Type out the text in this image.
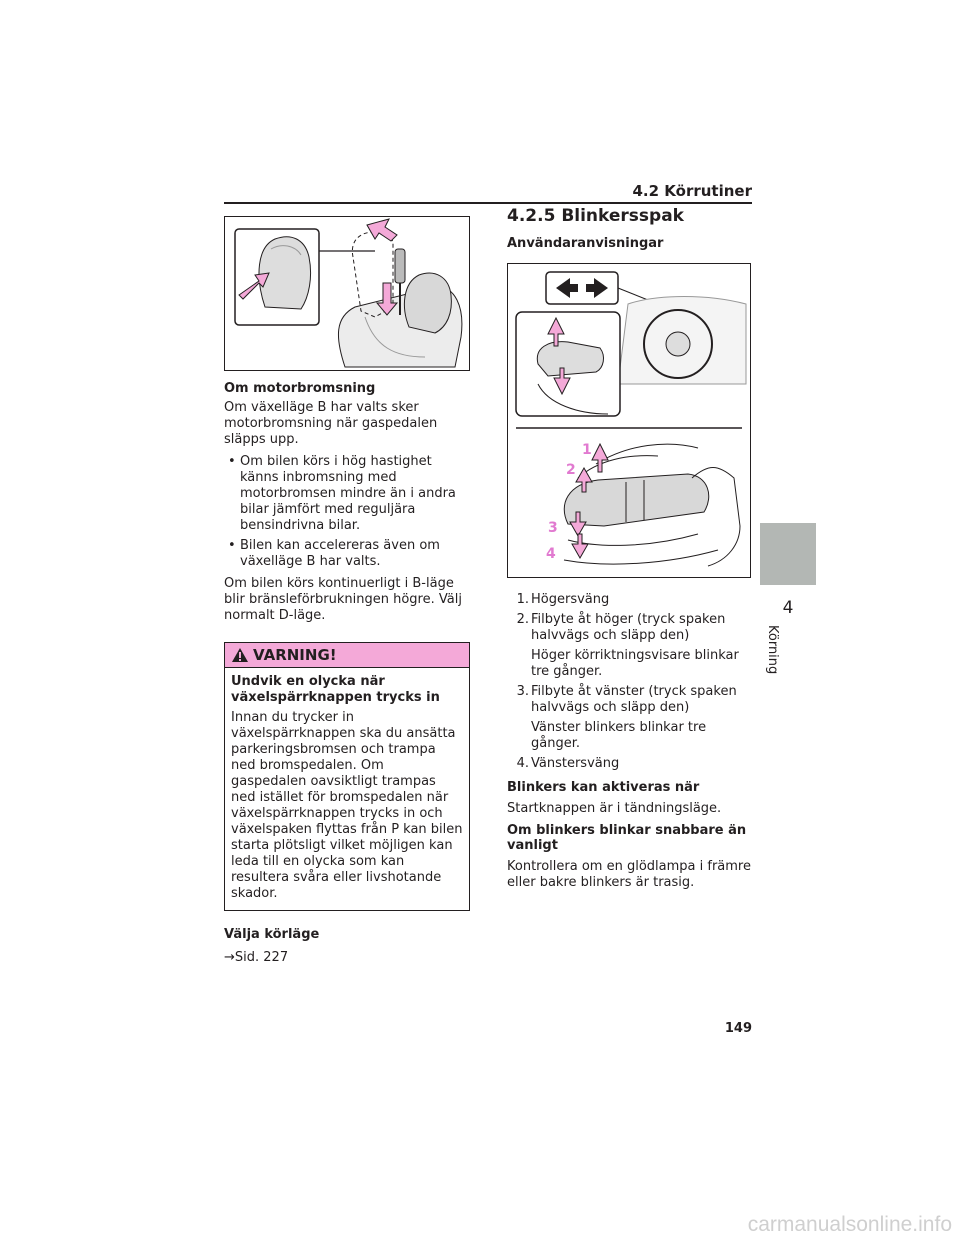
4.2 Körrutiner
4
Körning
Om motorbromsning

Om växelläge B har valts sker motorbromsning när gaspedalen släpps upp.

• Om bilen körs i hög hastighet känns inbromsning med motorbromsen mindre än i andra bilar jämfört med reguljära bensindrivna bilar.
• Bilen kan accelereras även om växelläge B har valts.

Om bilen körs kontinuerligt i B-läge blir bränsleförbrukningen högre. Välj normalt D-läge.

VARNING!

Undvik en olycka när växelspärrknappen trycks in

Innan du trycker in växelspärrknappen ska du ansätta parkeringsbromsen och trampa ned bromspedalen. Om gaspedalen oavsiktligt trampas ned istället för bromspedalen när växelspärrknappen trycks in och växelspaken flyttas från P kan bilen starta plötsligt vilket möjligen kan leda till en olycka som kan resultera svåra eller livshotande skador.

Välja körläge

→Sid. 227

4.2.5 Blinkersspak
Användaranvisningar
1
2
3
4
1. Högersväng
2. Filbyte åt höger (tryck spaken halvvägs och släpp den)
Höger körriktningsvisare blinkar tre gånger.
3. Filbyte åt vänster (tryck spaken halvvägs och släpp den)
Vänster blinkers blinkar tre gånger.
4. Vänstersväng
Blinkers kan aktiveras när

Startknappen är i tändningsläge.

Om blinkers blinkar snabbare än vanligt

Kontrollera om en glödlampa i främre eller bakre blinkers är trasig.

149
carmanualsonline.info
